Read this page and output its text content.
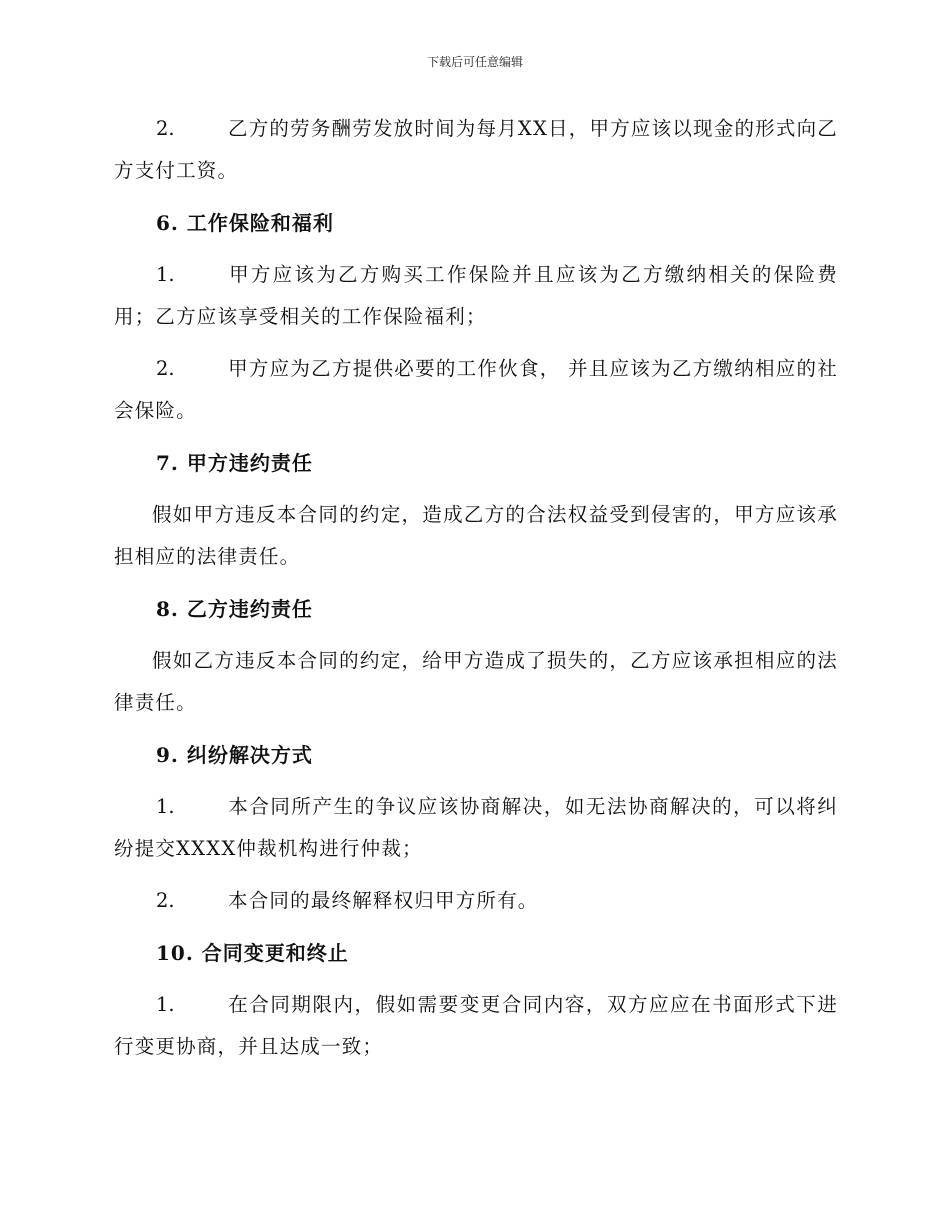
下载后可任意编辑

2.	乙方的劳务酬劳发放时间为每月XX日，甲方应该以现金的形式向乙方支付工资。

6. 工作保险和福利

1.	甲方应该为乙方购买工作保险并且应该为乙方缴纳相关的保险费用；乙方应该享受相关的工作保险福利；

2.	甲方应为乙方提供必要的工作伙食， 并且应该为乙方缴纳相应的社会保险。

7. 甲方违约责任

假如甲方违反本合同的约定，造成乙方的合法权益受到侵害的，甲方应该承担相应的法律责任。

8. 乙方违约责任

假如乙方违反本合同的约定，给甲方造成了损失的，乙方应该承担相应的法律责任。

9. 纠纷解决方式

1.	本合同所产生的争议应该协商解决，如无法协商解决的，可以将纠纷提交XXXX仲裁机构进行仲裁；

2.	本合同的最终解释权归甲方所有。

10. 合同变更和终止

1.	在合同期限内，假如需要变更合同内容，双方应应在书面形式下进行变更协商，并且达成一致；
